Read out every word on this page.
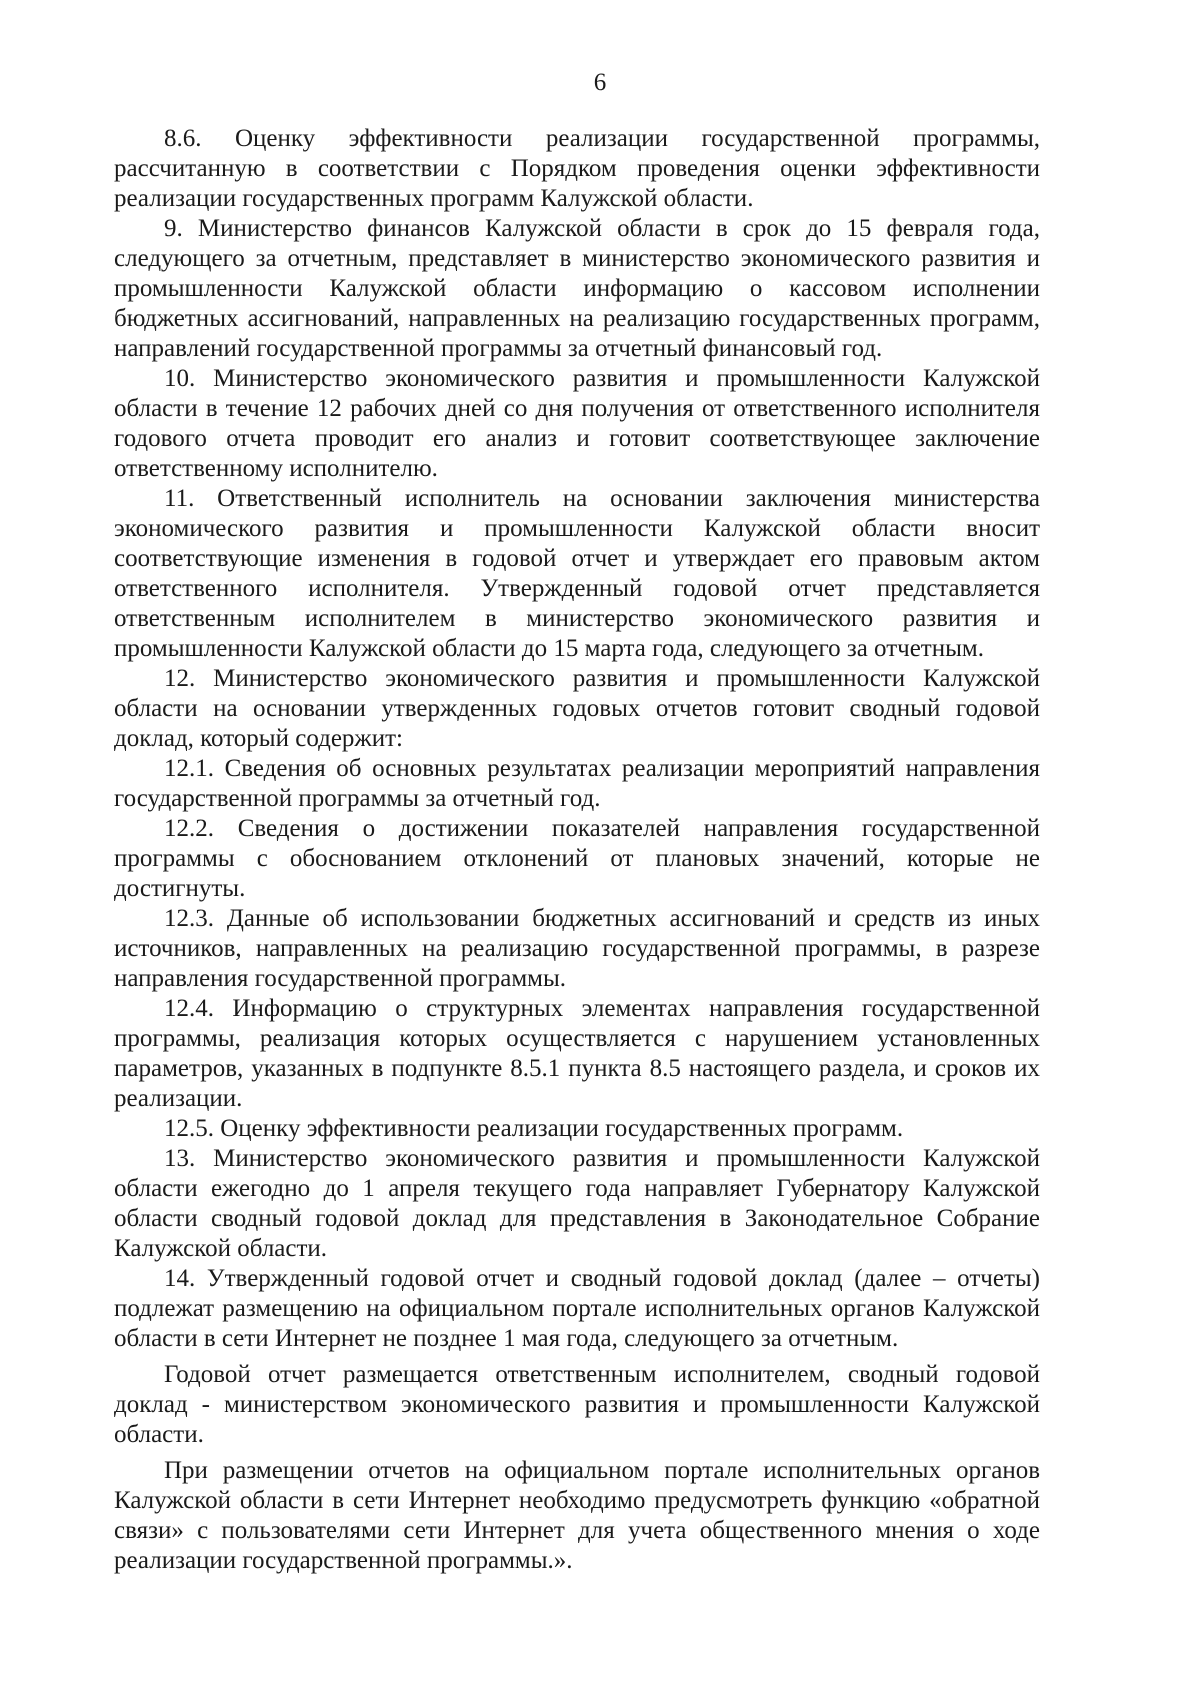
6

8.6. Оценку эффективности реализации государственной программы, рассчитанную в соответствии с Порядком проведения оценки эффективности реализации государственных программ Калужской области.

9. Министерство финансов Калужской области в срок до 15 февраля года, следующего за отчетным, представляет в министерство экономического развития и промышленности Калужской области информацию о кассовом исполнении бюджетных ассигнований, направленных на реализацию государственных программ, направлений государственной программы за отчетный финансовый год.

10. Министерство экономического развития и промышленности Калужской области в течение 12 рабочих дней со дня получения от ответственного исполнителя годового отчета проводит его анализ и готовит соответствующее заключение ответственному исполнителю.

11. Ответственный исполнитель на основании заключения министерства экономического развития и промышленности Калужской области вносит соответствующие изменения в годовой отчет и утверждает его правовым актом ответственного исполнителя. Утвержденный годовой отчет представляется ответственным исполнителем в министерство экономического развития и промышленности Калужской области до 15 марта года, следующего за отчетным.

12. Министерство экономического развития и промышленности Калужской области на основании утвержденных годовых отчетов готовит сводный годовой доклад, который содержит:

12.1. Сведения об основных результатах реализации мероприятий направления государственной программы за отчетный год.

12.2. Сведения о достижении показателей направления государственной программы с обоснованием отклонений от плановых значений, которые не достигнуты.

12.3. Данные об использовании бюджетных ассигнований и средств из иных источников, направленных на реализацию государственной программы, в разрезе направления государственной программы.

12.4. Информацию о структурных элементах направления государственной программы, реализация которых осуществляется с нарушением установленных параметров, указанных в подпункте 8.5.1 пункта 8.5 настоящего раздела, и сроков их реализации.

12.5. Оценку эффективности реализации государственных программ.

13. Министерство экономического развития и промышленности Калужской области ежегодно до 1 апреля текущего года направляет Губернатору Калужской области сводный годовой доклад для представления в Законодательное Собрание Калужской области.

14. Утвержденный годовой отчет и сводный годовой доклад (далее – отчеты) подлежат размещению на официальном портале исполнительных органов Калужской области в сети Интернет не позднее 1 мая года, следующего за отчетным.

Годовой отчет размещается ответственным исполнителем, сводный годовой доклад - министерством экономического развития и промышленности Калужской области.

При размещении отчетов на официальном портале исполнительных органов Калужской области в сети Интернет необходимо предусмотреть функцию «обратной связи» с пользователями сети Интернет для учета общественного мнения о ходе реализации государственной программы.».
